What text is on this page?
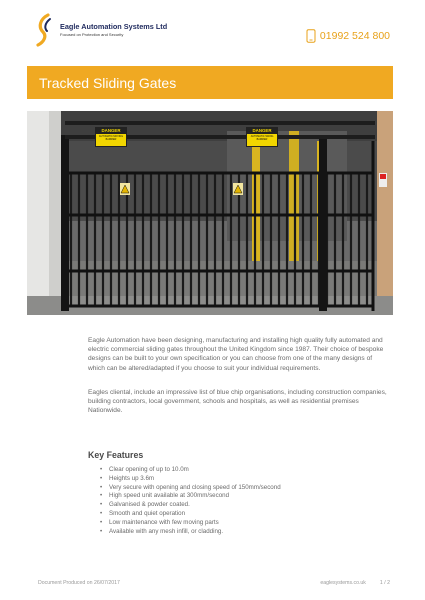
Eagle Automation Systems Ltd
Focused on Protection and Security	01992 524 800
Tracked Sliding Gates
DANGER
AUTOMATIC MOVING BARRIER
DANGER
AUTOMATIC SWING BARRIER

Eagle Automation have been designing, manufacturing and installing high quality fully automated and electric commercial sliding gates throughout the United Kingdom since 1987. Their choice of bespoke designs can be built to your own specification or you can choose from one of the many designs of which can be altered/adapted if you choose to suit your individual requirements.

Eagles cliental, include an impressive list of blue chip organisations, including construction companies, building contractors, local government, schools and hospitals, as well as residential premises Nationwide.

Key Features
• Clear opening of up to 10.0m
• Heights up 3.6m
• Very secure with opening and closing speed of 150mm/second
• High speed unit available at 300mm/second
• Galvanised & powder coated.
• Smooth and quiet operation
• Low maintenance with few moving parts
• Available with any mesh infill, or cladding.
Document Produced on 26/07/2017	eaglesystems.co.uk	1 / 2
